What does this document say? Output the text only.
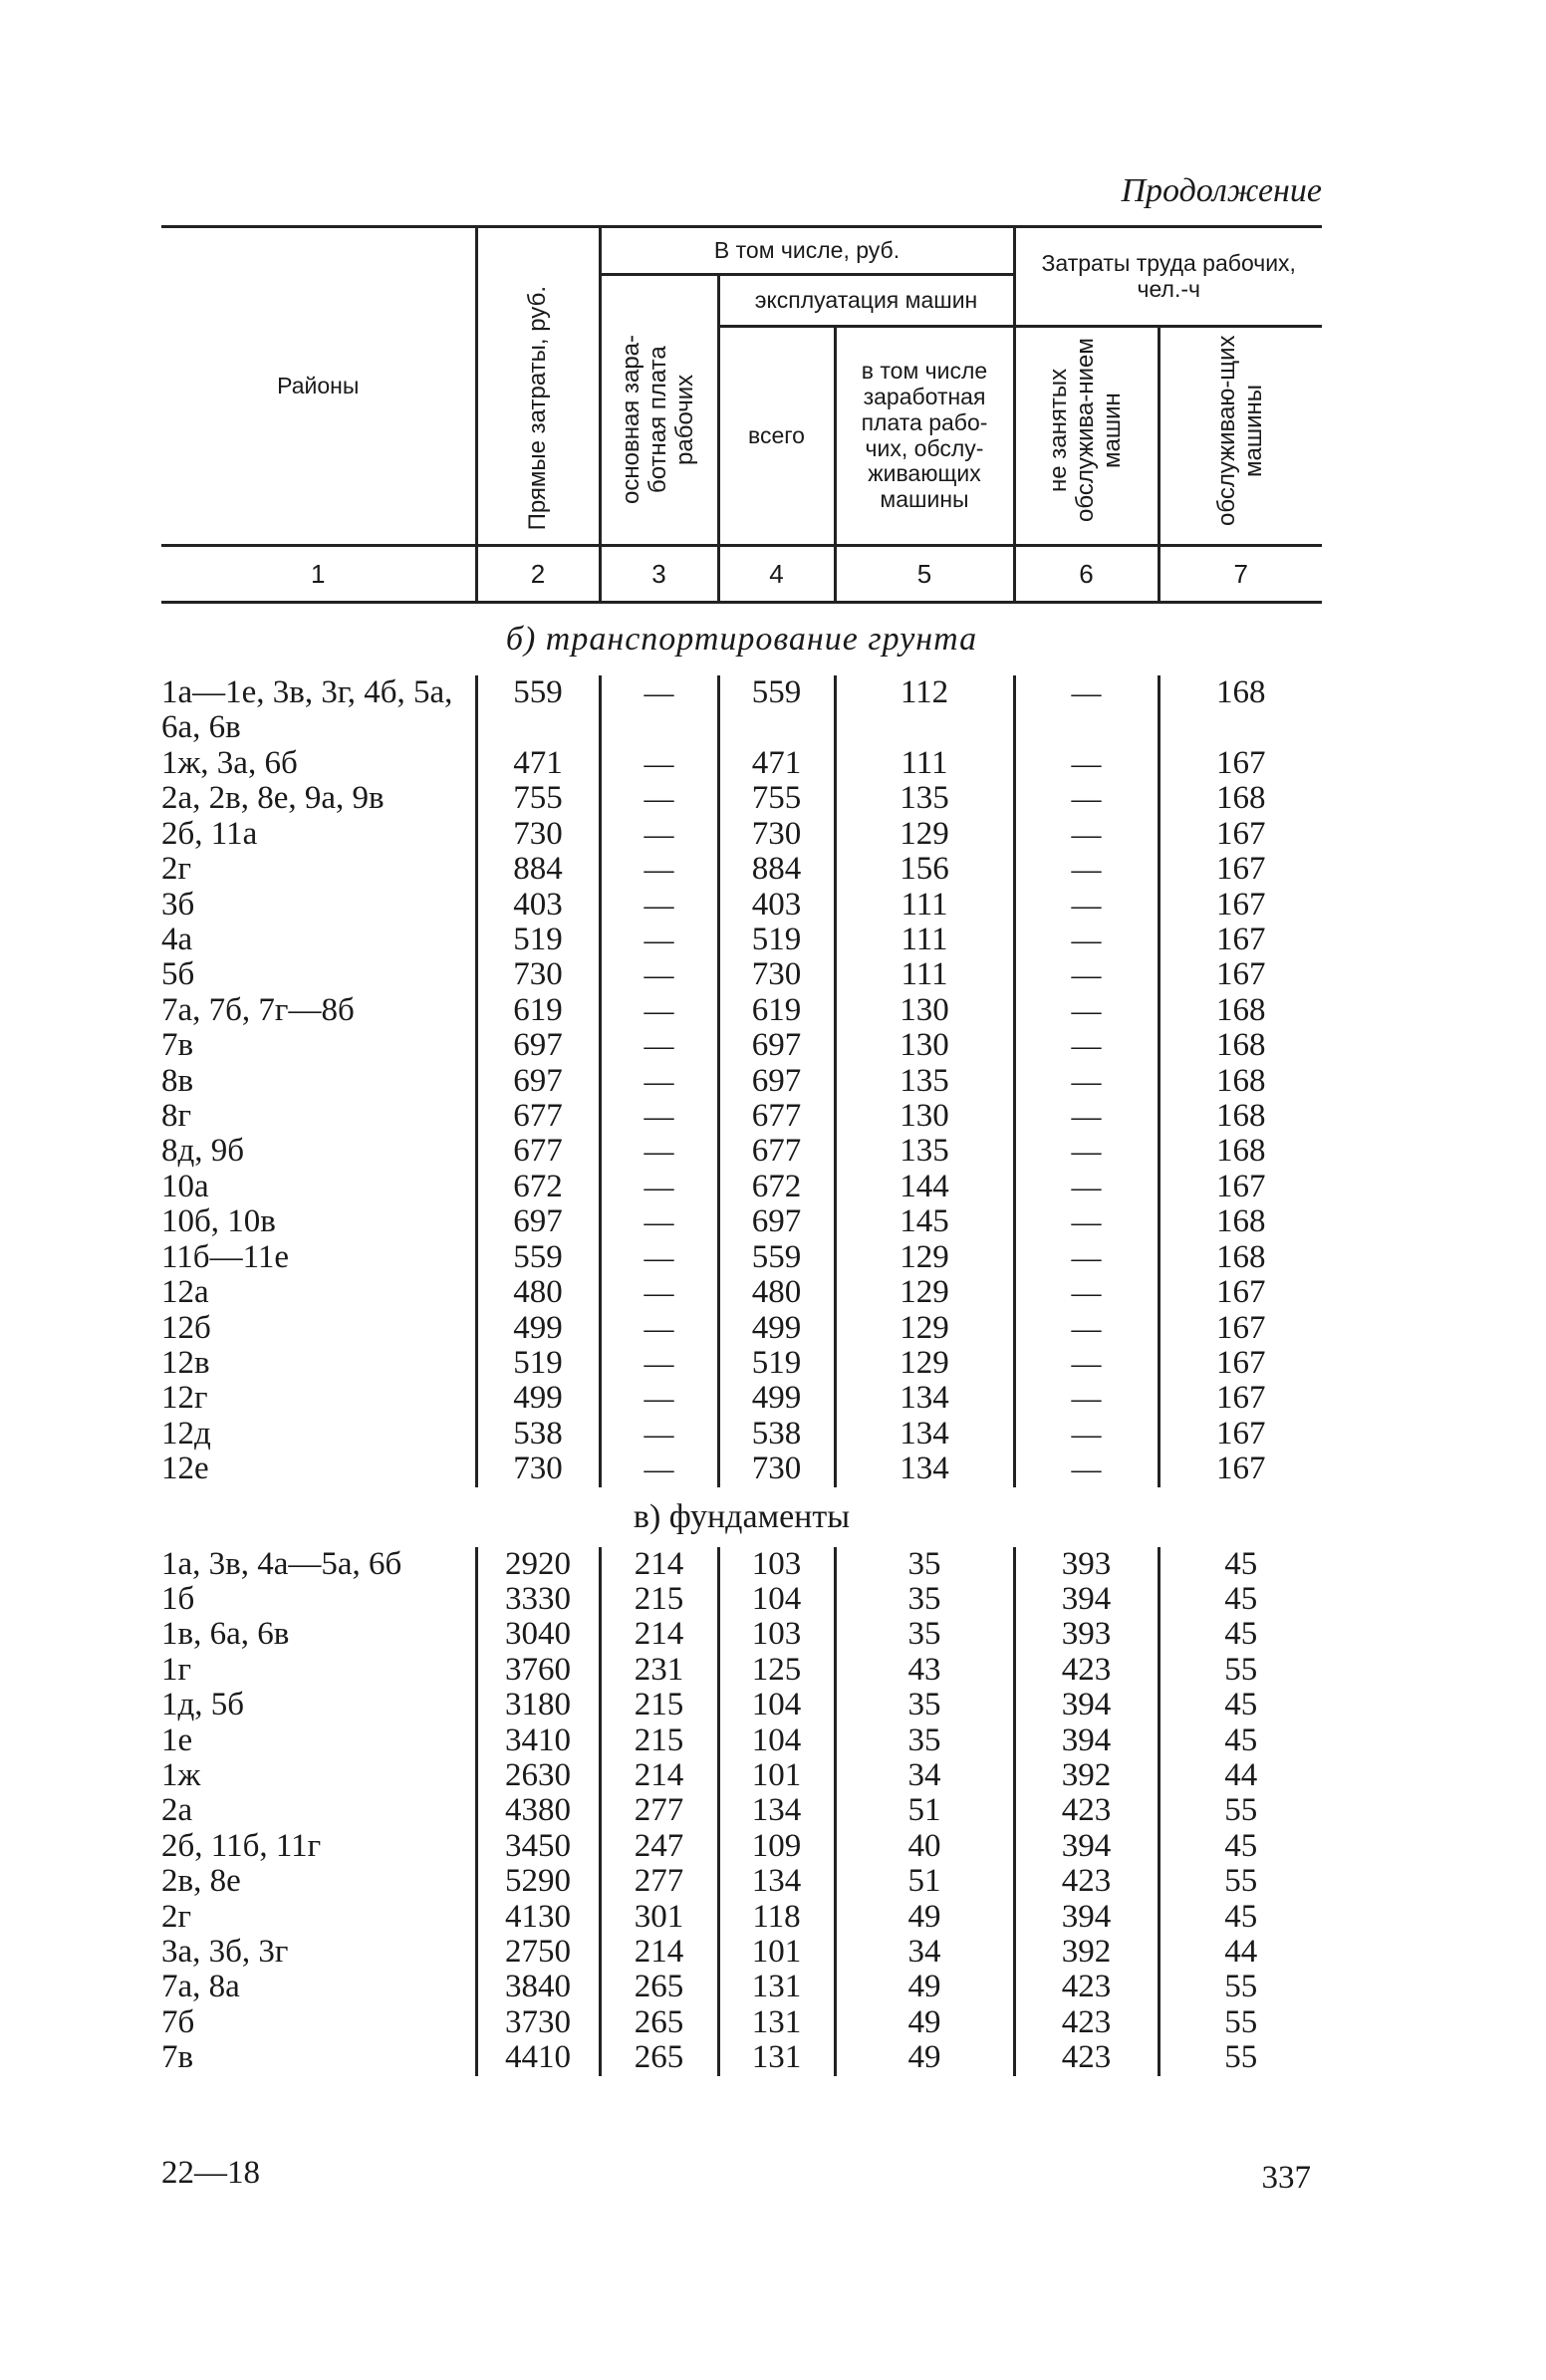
Продолжение
Районы	Прямые затраты, руб.	В том числе, руб.			Затраты труда рабочих, чел.-ч	
		основная зара-ботная плата рабочих	эксплуатация машин			
			всего	в том числе заработная плата рабо-чих, обслу-живающих машины	не занятых обслужива-нием машин	обслуживаю-щих машины
1	2	3	4	5	6	7
б) транспортирование грунта						
1а—1е, 3в, 3г, 4б, 5а, 6а, 6в	559	—	559	112	—	168
1ж, 3а, 6б	471	—	471	111	—	167
2а, 2в, 8е, 9а, 9в	755	—	755	135	—	168
2б, 11а	730	—	730	129	—	167
2г	884	—	884	156	—	167
3б	403	—	403	111	—	167
4а	519	—	519	111	—	167
5б	730	—	730	111	—	167
7а, 7б, 7г—8б	619	—	619	130	—	168
7в	697	—	697	130	—	168
8в	697	—	697	135	—	168
8г	677	—	677	130	—	168
8д, 9б	677	—	677	135	—	168
10а	672	—	672	144	—	167
10б, 10в	697	—	697	145	—	168
11б—11е	559	—	559	129	—	168
12а	480	—	480	129	—	167
12б	499	—	499	129	—	167
12в	519	—	519	129	—	167
12г	499	—	499	134	—	167
12д	538	—	538	134	—	167
12е	730	—	730	134	—	167
в) фундаменты						
1а, 3в, 4а—5а, 6б	2920	214	103	35	393	45
1б	3330	215	104	35	394	45
1в, 6а, 6в	3040	214	103	35	393	45
1г	3760	231	125	43	423	55
1д, 5б	3180	215	104	35	394	45
1е	3410	215	104	35	394	45
1ж	2630	214	101	34	392	44
2а	4380	277	134	51	423	55
2б, 11б, 11г	3450	247	109	40	394	45
2в, 8е	5290	277	134	51	423	55
2г	4130	301	118	49	394	45
3а, 3б, 3г	2750	214	101	34	392	44
7а, 8а	3840	265	131	49	423	55
7б	3730	265	131	49	423	55
7в	4410	265	131	49	423	55
22—18	337
